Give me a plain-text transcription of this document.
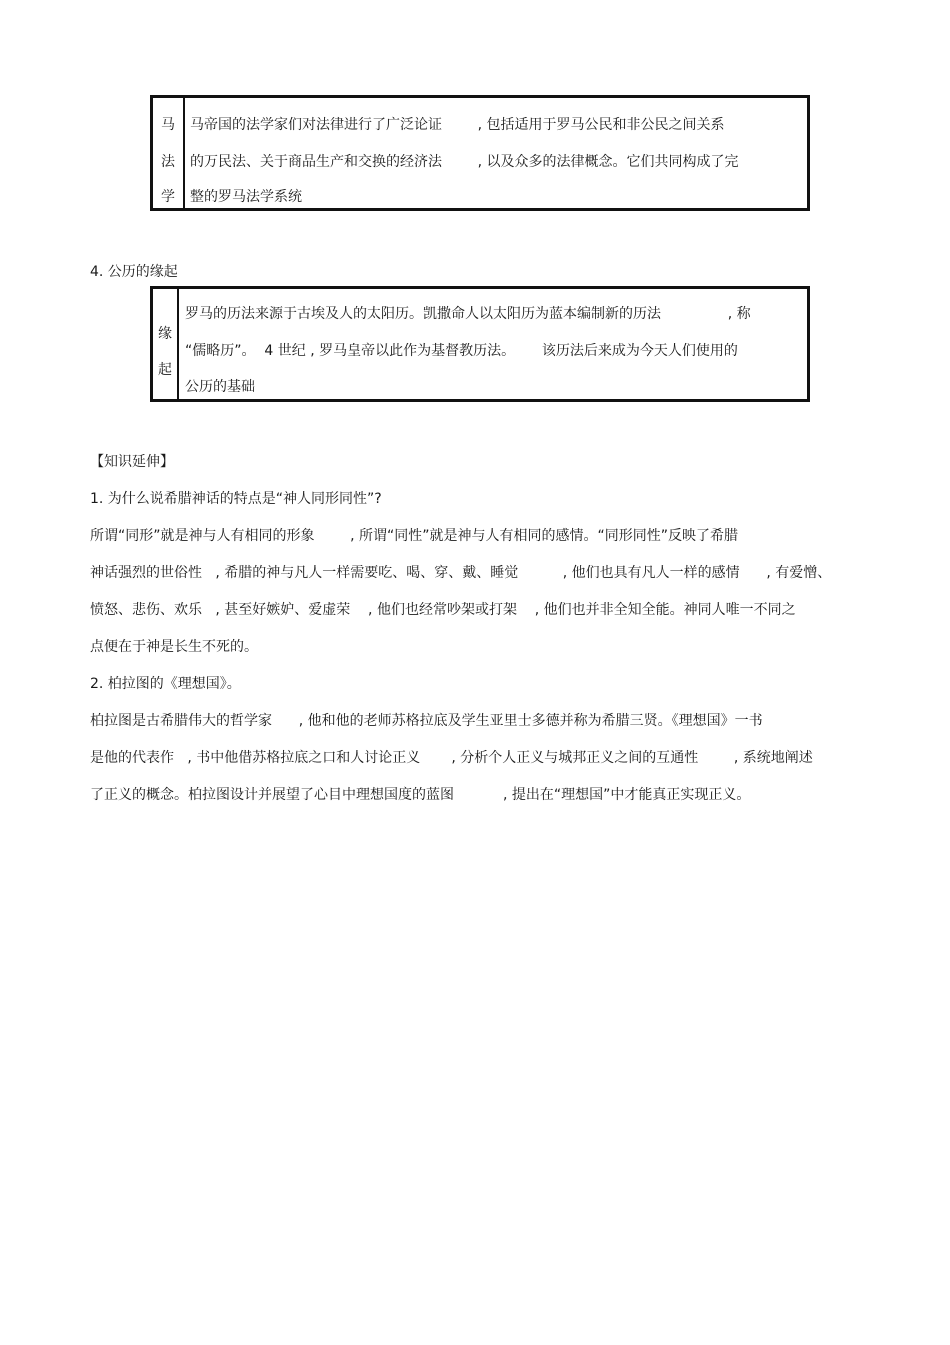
马
法
学
马帝国的法学家们对法律进行了广泛论证        , 包括适用于罗马公民和非公民之间关系
的万民法、关于商品生产和交换的经济法        , 以及众多的法律概念。它们共同构成了完
整的罗马法学系统
4. 公历的缘起
缘
起
罗马的历法来源于古埃及人的太阳历。凯撒命人以太阳历为蓝本编制新的历法               , 称
“儒略历”。  4 世纪 , 罗马皇帝以此作为基督教历法。      该历法后来成为今天人们使用的
公历的基础
【知识延伸】
1. 为什么说希腊神话的特点是“神人同形同性”?
所谓“同形”就是神与人有相同的形象        , 所谓“同性”就是神与人有相同的感情。“同形同性”反映了希腊
神话强烈的世俗性   , 希腊的神与凡人一样需要吃、喝、穿、戴、睡觉          , 他们也具有凡人一样的感情      , 有爱憎、
愤怒、悲伤、欢乐   , 甚至好嫉妒、爱虚荣    , 他们也经常吵架或打架    , 他们也并非全知全能。神同人唯一不同之
点便在于神是长生不死的。
2. 柏拉图的《理想国》。
柏拉图是古希腊伟大的哲学家      , 他和他的老师苏格拉底及学生亚里士多德并称为希腊三贤。《理想国》一书
是他的代表作   , 书中他借苏格拉底之口和人讨论正义       , 分析个人正义与城邦正义之间的互通性        , 系统地阐述
了正义的概念。柏拉图设计并展望了心目中理想国度的蓝图           , 提出在“理想国”中才能真正实现正义。
